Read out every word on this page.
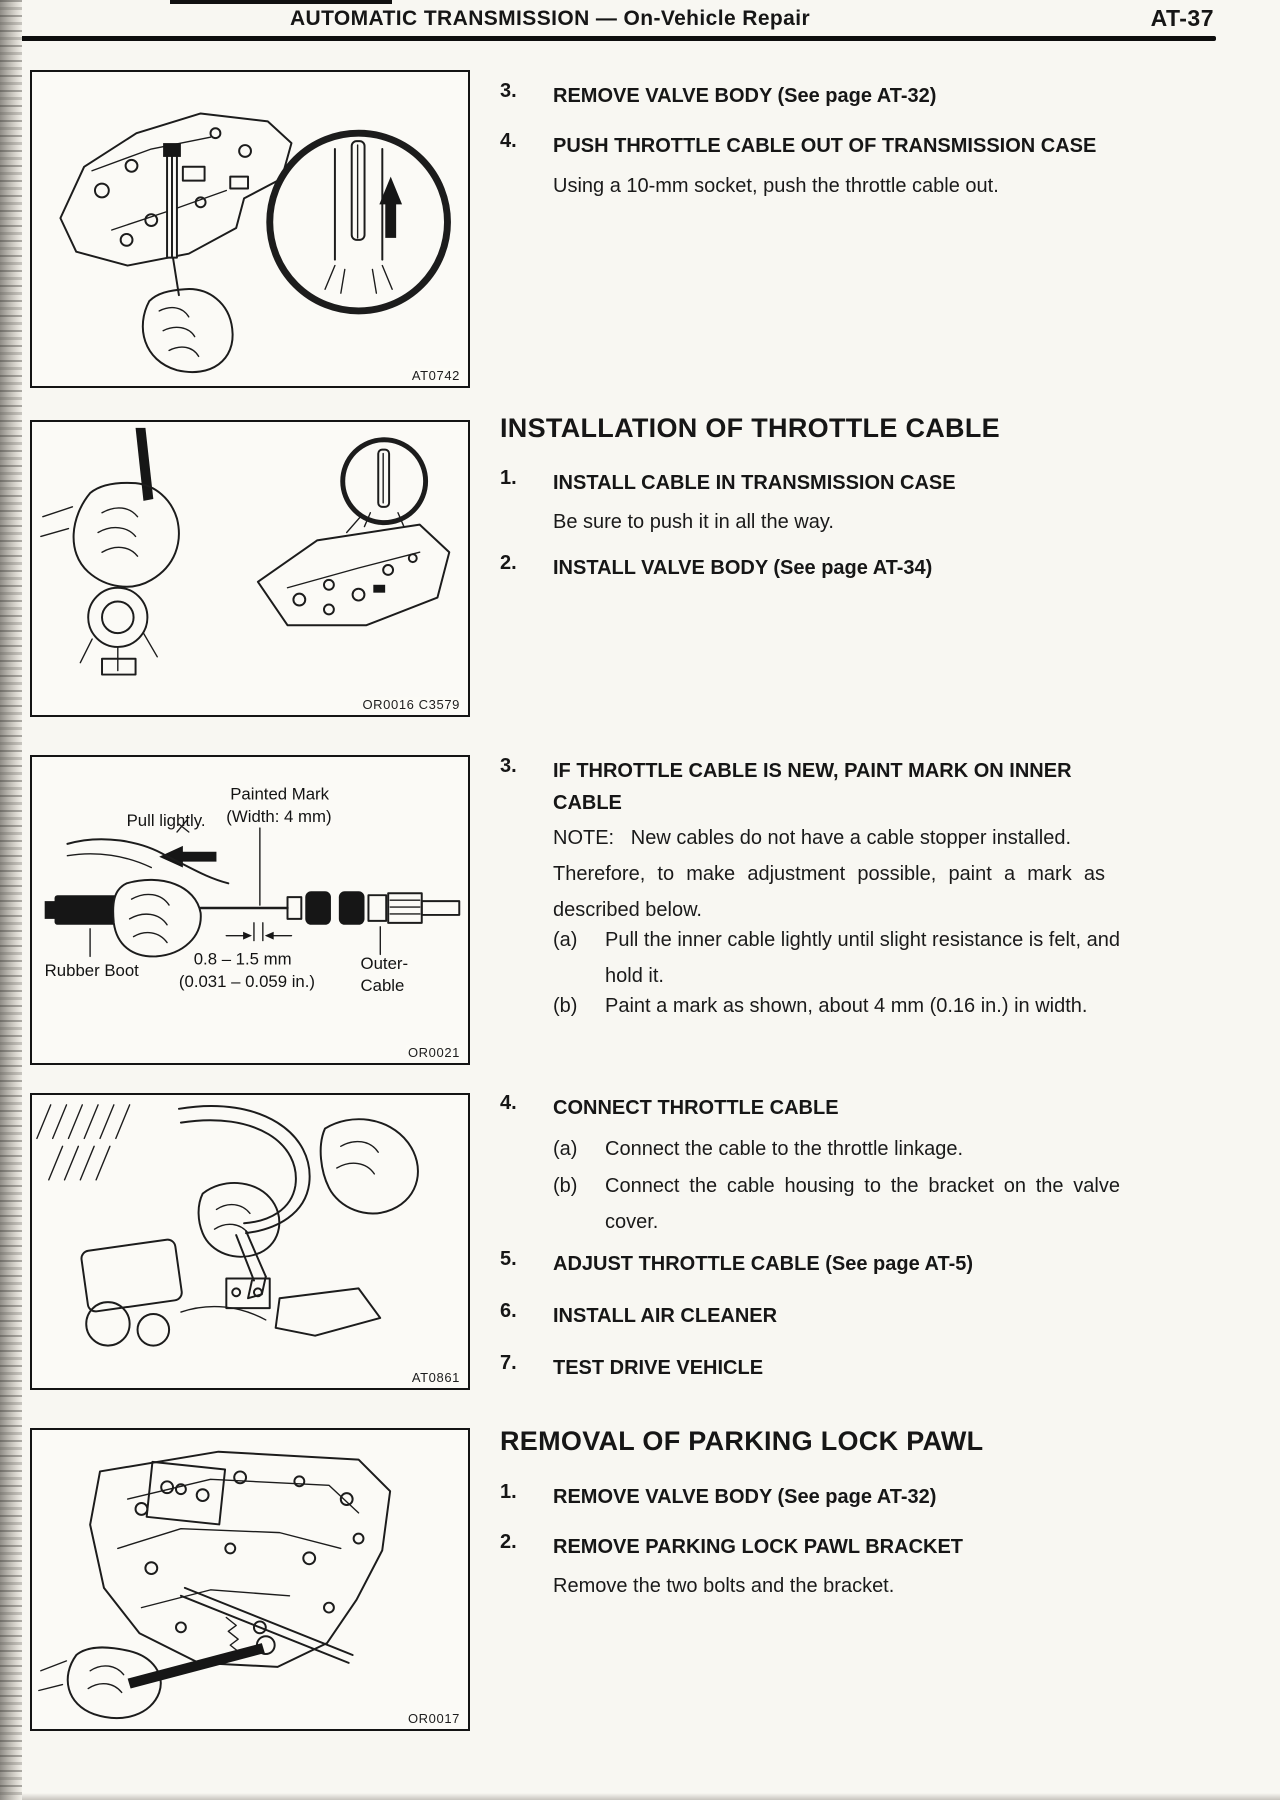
AUTOMATIC TRANSMISSION — On-Vehicle Repair	AT-37
AT0742
OR0016 C3579
Pull lightly.
Painted Mark
(Width: 4 mm)
Rubber Boot
0.8 – 1.5 mm
(0.031 – 0.059 in.)
Outer-
Cable
OR0021
AT0861
OR0017
3. REMOVE VALVE BODY (See page AT-32)
4. PUSH THROTTLE CABLE OUT OF TRANSMISSION CASE
Using a 10-mm socket, push the throttle cable out.
INSTALLATION OF THROTTLE CABLE
1. INSTALL CABLE IN TRANSMISSION CASE
Be sure to push it in all the way.
2. INSTALL VALVE BODY (See page AT-34)
3. IF THROTTLE CABLE IS NEW, PAINT MARK ON INNER CABLE
NOTE:   New cables do not have a cable stopper installed.
Therefore, to make adjustment possible, paint a mark as described below.
(a) Pull the inner cable lightly until slight resistance is felt, and hold it.
(b) Paint a mark as shown, about 4 mm (0.16 in.) in width.
4. CONNECT THROTTLE CABLE
(a) Connect the cable to the throttle linkage.
(b) Connect the cable housing to the bracket on the valve cover.
5. ADJUST THROTTLE CABLE (See page AT-5)
6. INSTALL AIR CLEANER
7. TEST DRIVE VEHICLE
REMOVAL OF PARKING LOCK PAWL
1. REMOVE VALVE BODY (See page AT-32)
2. REMOVE PARKING LOCK PAWL BRACKET
Remove the two bolts and the bracket.
